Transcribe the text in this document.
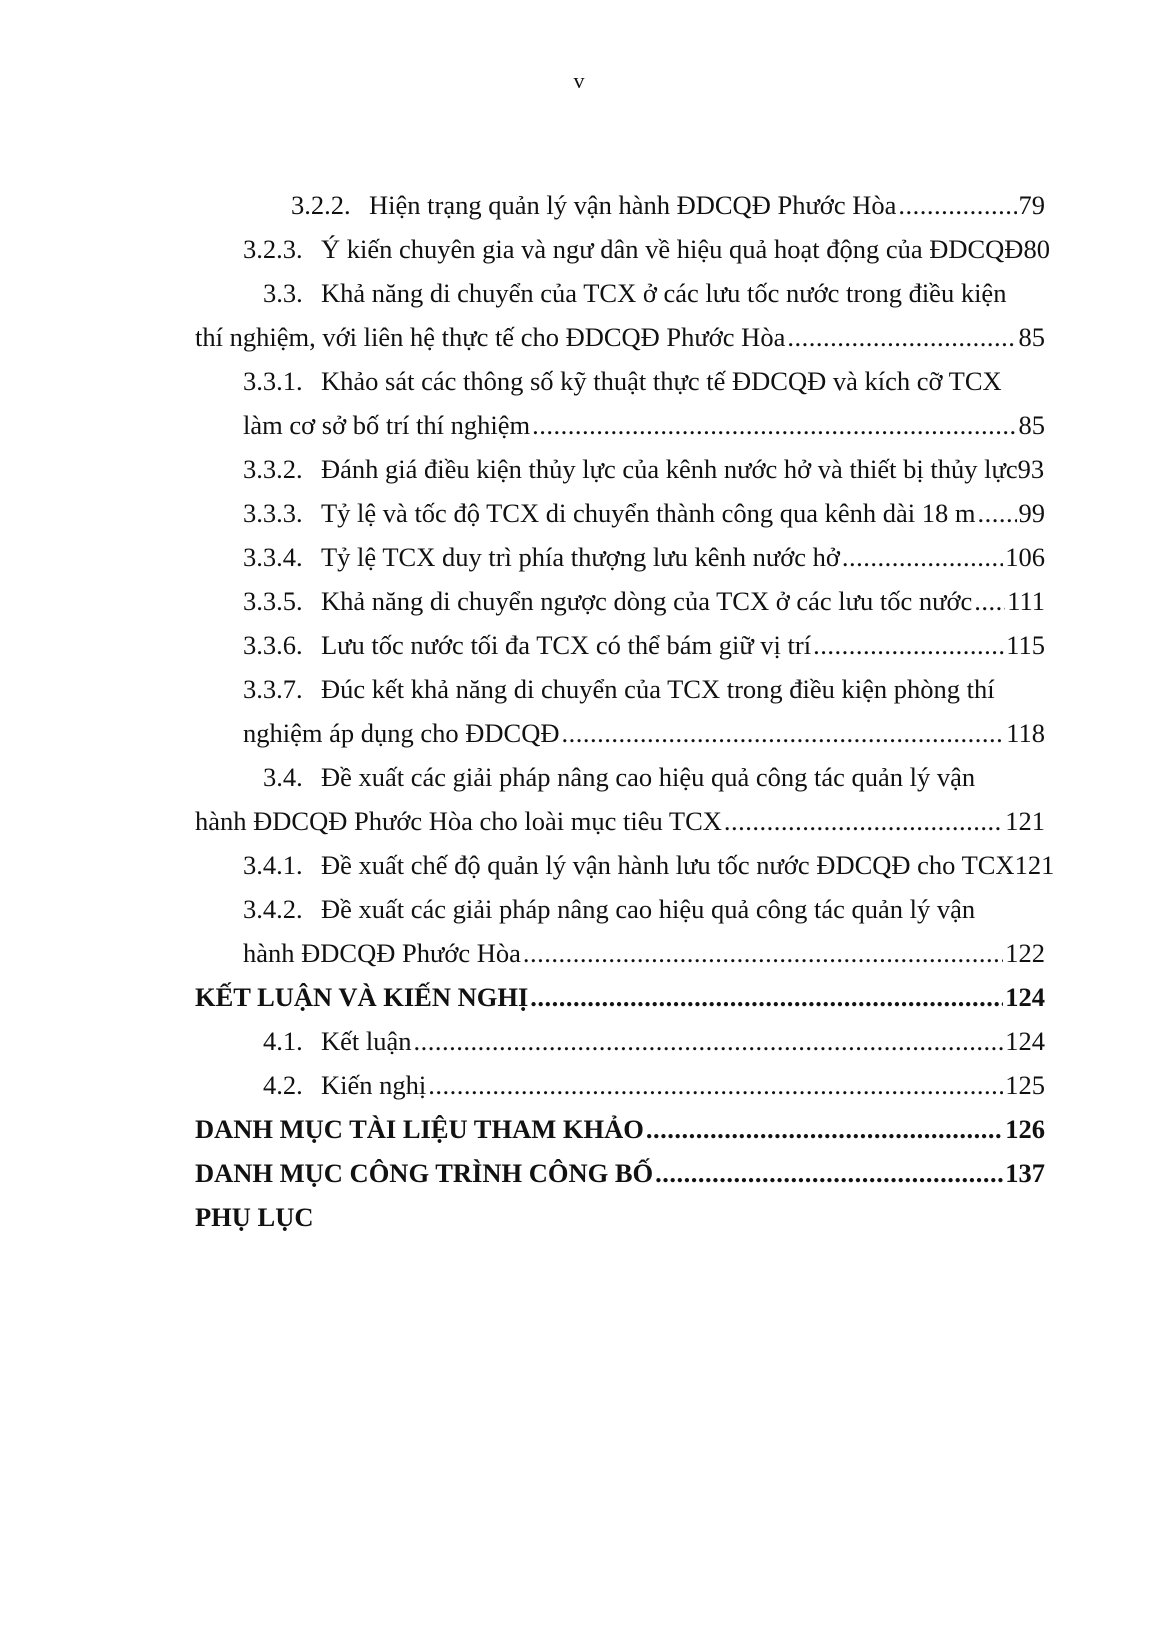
v
3.2.2. Hiện trạng quản lý vận hành ĐDCQĐ Phước Hòa .....	79
3.2.3. Ý kiến chuyên gia và ngư dân về hiệu quả hoạt động của ĐDCQĐ 80
3.3. Khả năng di chuyển của TCX ở các lưu tốc nước trong điều kiện
thí nghiệm, với liên hệ thực tế cho ĐDCQĐ Phước Hòa .....	85
3.3.1. Khảo sát các thông số kỹ thuật thực tế ĐDCQĐ và kích cỡ TCX
làm cơ sở bố trí thí nghiệm .....	85
3.3.2. Đánh giá điều kiện thủy lực của kênh nước hở và thiết bị thủy lực 93
3.3.3. Tỷ lệ và tốc độ TCX di chuyển thành công qua kênh dài 18 m ..... 99
3.3.4. Tỷ lệ TCX duy trì phía thượng lưu kênh nước hở .....	106
3.3.5. Khả năng di chuyển ngược dòng của TCX ở các lưu tốc nước ..... 111
3.3.6. Lưu tốc nước tối đa TCX có thể bám giữ vị trí .....	115
3.3.7. Đúc kết khả năng di chuyển của TCX trong điều kiện phòng thí
nghiệm áp dụng cho ĐDCQĐ .....	118
3.4. Đề xuất các giải pháp nâng cao hiệu quả công tác quản lý vận
hành ĐDCQĐ Phước Hòa cho loài mục tiêu TCX .....	121
3.4.1. Đề xuất chế độ quản lý vận hành lưu tốc nước ĐDCQĐ cho TCX 121
3.4.2. Đề xuất các giải pháp nâng cao hiệu quả công tác quản lý vận
hành ĐDCQĐ Phước Hòa .....	122
KẾT LUẬN VÀ KIẾN NGHỊ .....	124
4.1. Kết luận .....	124
4.2. Kiến nghị .....	125
DANH MỤC TÀI LIỆU THAM KHẢO .....	126
DANH MỤC CÔNG TRÌNH CÔNG BỐ .....	137
PHỤ LỤC
